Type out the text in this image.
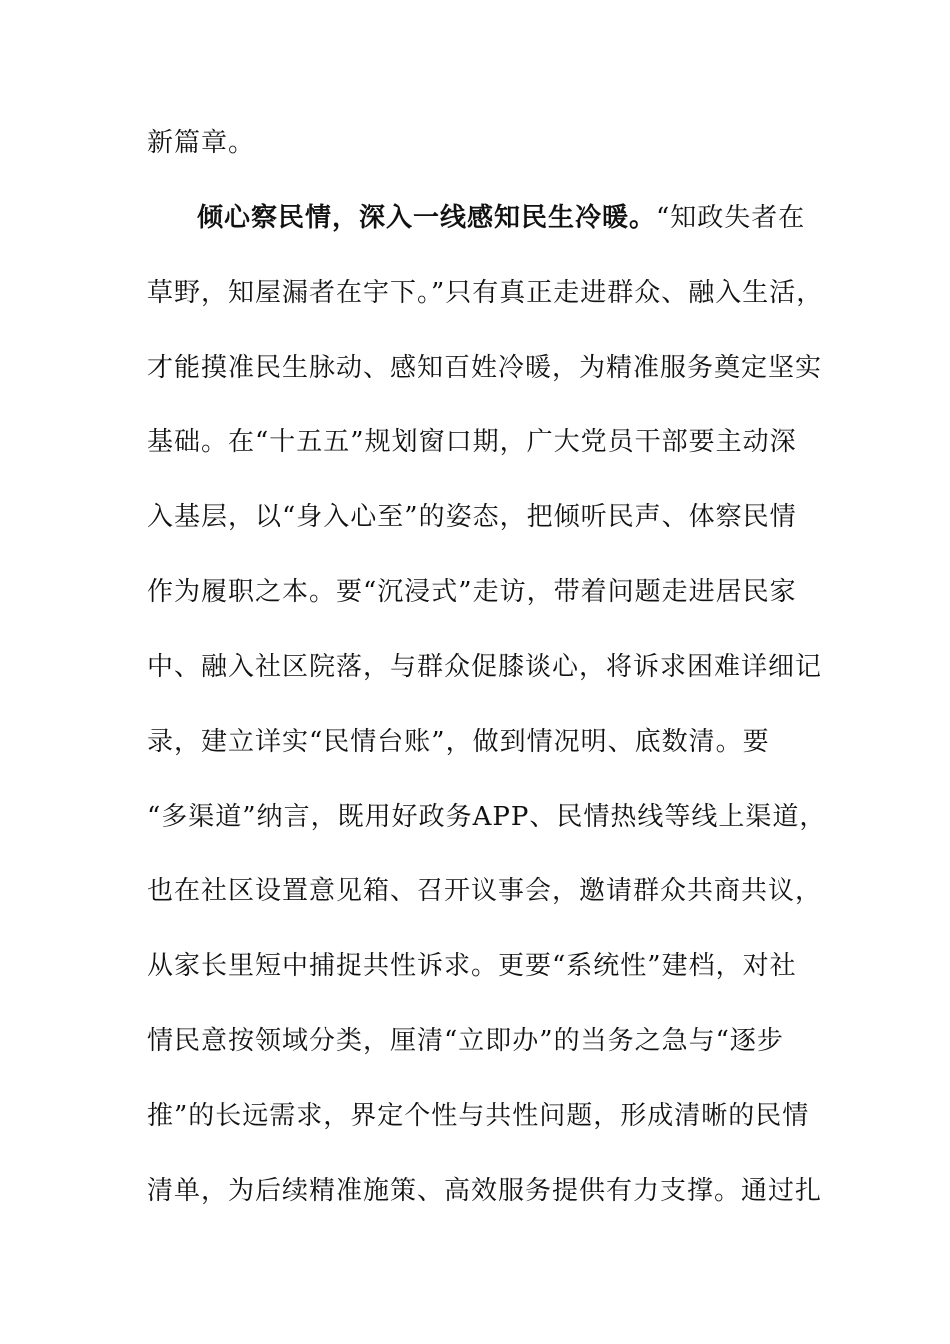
新篇章。
倾心察民情，深入一线感知民生冷暖。“知政失者在
草野，知屋漏者在宇下。”只有真正走进群众、融入生活，
才能摸准民生脉动、感知百姓冷暖，为精准服务奠定坚实
基础。在“十五五”规划窗口期，广大党员干部要主动深
入基层，以“身入心至”的姿态，把倾听民声、体察民情
作为履职之本。要“沉浸式”走访，带着问题走进居民家
中、融入社区院落，与群众促膝谈心，将诉求困难详细记
录，建立详实“民情台账”，做到情况明、底数清。要
“多渠道”纳言，既用好政务APP、民情热线等线上渠道，
也在社区设置意见箱、召开议事会，邀请群众共商共议，
从家长里短中捕捉共性诉求。更要“系统性”建档，对社
情民意按领域分类，厘清“立即办”的当务之急与“逐步
推”的长远需求，界定个性与共性问题，形成清晰的民情
清单，为后续精准施策、高效服务提供有力支撑。通过扎
